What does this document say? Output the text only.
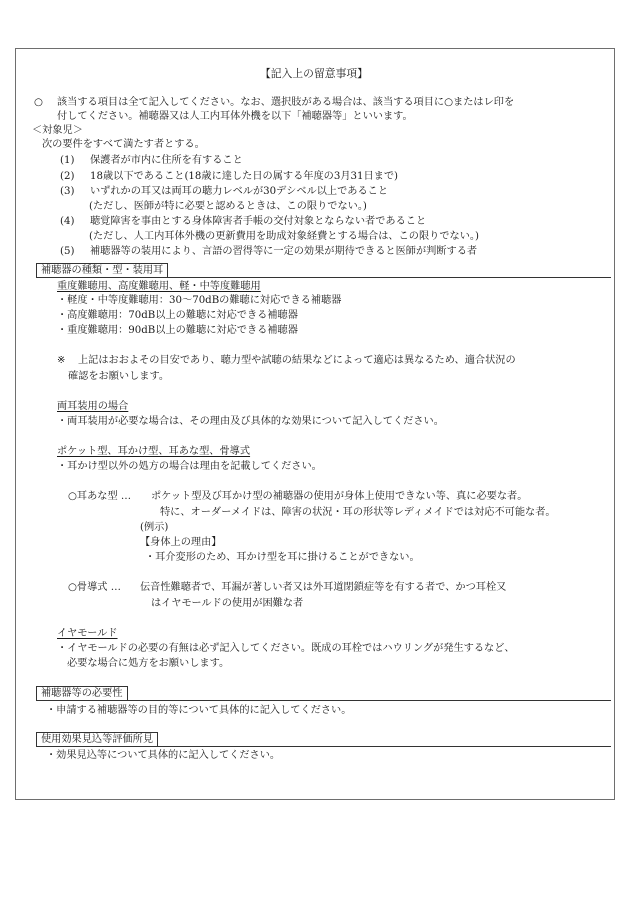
【記入上の留意事項】
○ 該当する項目は全て記入してください。なお、選択肢がある場合は、該当する項目に○またはレ印を
付してください。補聴器又は人工内耳体外機を以下「補聴器等」といいます。
＜対象児＞
次の要件をすべて満たす者とする。
(1) 保護者が市内に住所を有すること
(2) 18歳以下であること(18歳に達した日の属する年度の3月31日まで)
(3) いずれかの耳又は両耳の聴力レベルが30デシベル以上であること
(ただし、医師が特に必要と認めるときは、この限りでない。)
(4) 聴覚障害を事由とする身体障害者手帳の交付対象とならない者であること
(ただし、人工内耳体外機の更新費用を助成対象経費とする場合は、この限りでない。)
(5) 補聴器等の装用により、言語の習得等に一定の効果が期待できると医師が判断する者
補聴器の種類・型・装用耳
重度難聴用、高度難聴用、軽・中等度難聴用
・軽度・中等度難聴用：30〜70dBの難聴に対応できる補聴器
・高度難聴用：70dB以上の難聴に対応できる補聴器
・重度難聴用：90dB以上の難聴に対応できる補聴器
※ 上記はおおよその目安であり、聴力型や試聴の結果などによって適応は異なるため、適合状況の
確認をお願いします。
両耳装用の場合
・両耳装用が必要な場合は、その理由及び具体的な効果について記入してください。
ポケット型、耳かけ型、耳あな型、骨導式
・耳かけ型以外の処方の場合は理由を記載してください。
○耳あな型 … ポケット型及び耳かけ型の補聴器の使用が身体上使用できない等、真に必要な者。
特に、オーダーメイドは、障害の状況・耳の形状等レディメイドでは対応不可能な者。
(例示)
【身体上の理由】
・耳介変形のため、耳かけ型を耳に掛けることができない。
○骨導式 … 伝音性難聴者で、耳漏が著しい者又は外耳道閉鎖症等を有する者で、かつ耳栓又
はイヤモールドの使用が困難な者
イヤモールド
・イヤモールドの必要の有無は必ず記入してください。既成の耳栓ではハウリングが発生するなど、
必要な場合に処方をお願いします。
補聴器等の必要性
・申請する補聴器等の目的等について具体的に記入してください。
使用効果見込等評価所見
・効果見込等について具体的に記入してください。
